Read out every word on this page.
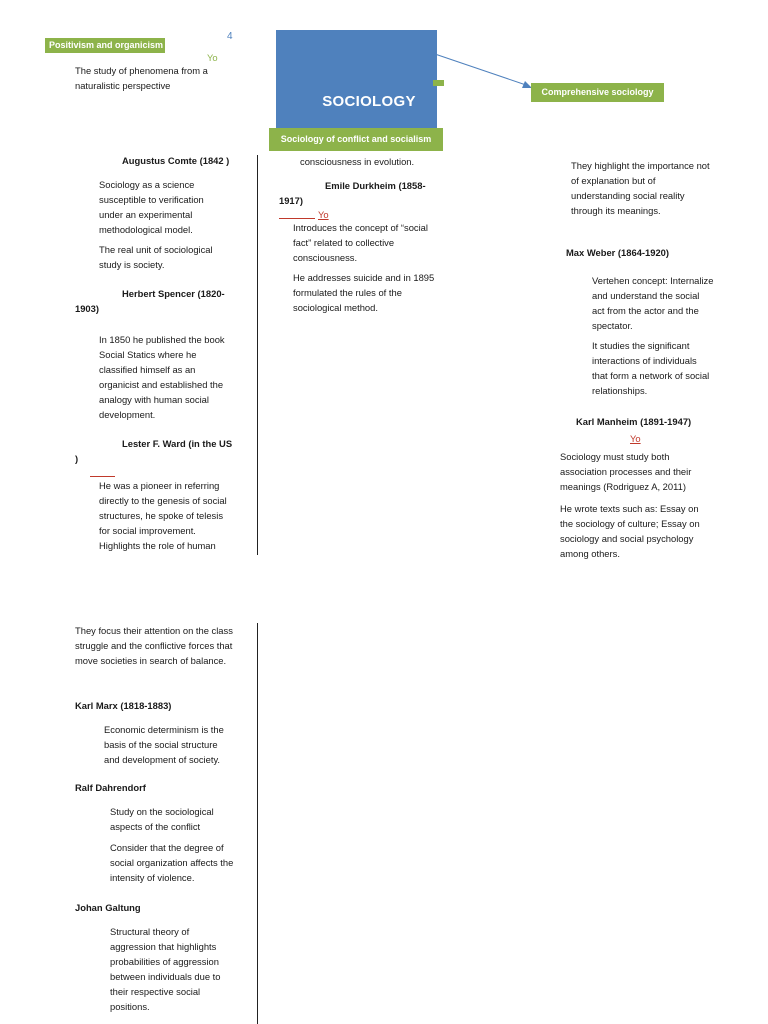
4
Positivism and organicism
Yo

The study of phenomena from a naturalistic perspective

Augustus Comte (1842 )

Sociology as a science susceptible to verification under an experimental methodological model.

The real unit of sociological study is society.

Herbert Spencer (1820-
1903)

In 1850 he published the book Social Statics where he classified himself as an organicist and established the analogy with human social development.

Lester F. Ward (in the US
)

He was a pioneer in referring directly to the genesis of social structures, he spoke of telesis for social improvement. Highlights the role of human

SOCIOLOGY
Sociology of conflict and socialism

consciousness in evolution.

Emile Durkheim (1858-
1917)
Yo

Introduces the concept of “social fact” related to collective consciousness.

He addresses suicide and in 1895 formulated the rules of the sociological method.

Comprehensive sociology

They highlight the importance not of explanation but of understanding social reality through its meanings.

Max Weber (1864-1920)

Vertehen concept: Internalize and understand the social act from the actor and the spectator.

It studies the significant interactions of individuals that form a network of social relationships.

Karl Manheim (1891-1947)
Yo

Sociology must study both association processes and their meanings (Rodriguez A, 2011)

He wrote texts such as: Essay on the sociology of culture; Essay on sociology and social psychology among others.

They focus their attention on the class struggle and the conflictive forces that move societies in search of balance.

Karl Marx (1818-1883)

Economic determinism is the basis of the social structure and development of society.

Ralf Dahrendorf

Study on the sociological aspects of the conflict

Consider that the degree of social organization affects the intensity of violence.

Johan Galtung

Structural theory of aggression that highlights probabilities of aggression between individuals due to their respective social positions.
